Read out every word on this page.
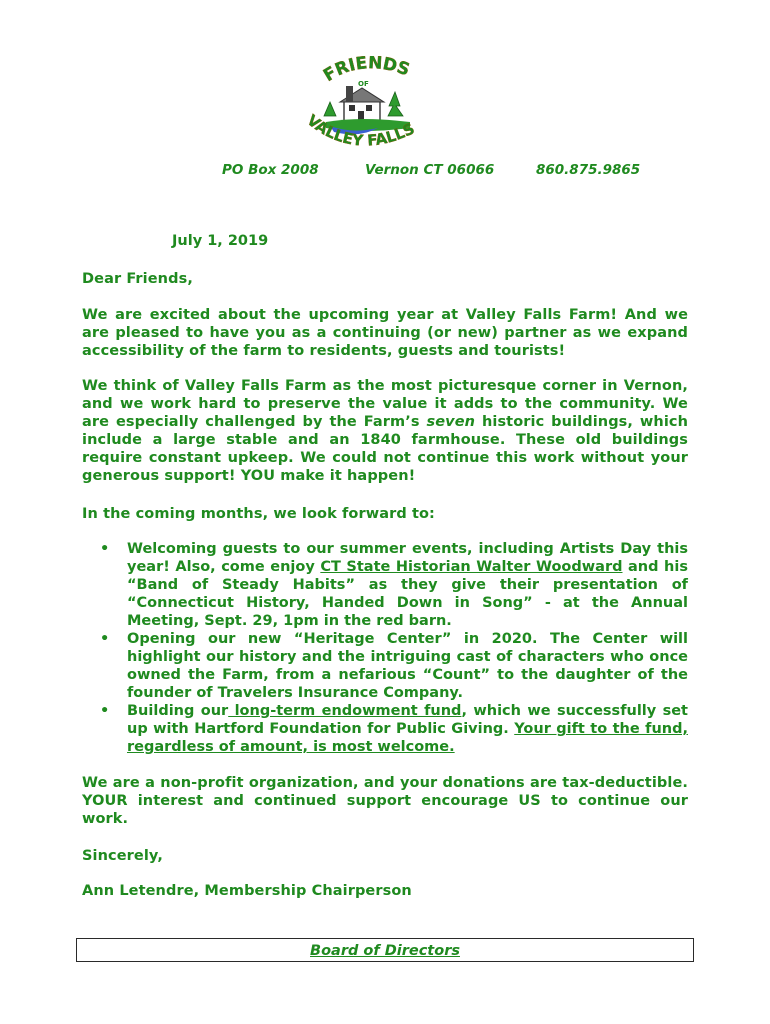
FRIENDS
OF
VALLEY FALLS
PO Box 2008	Vernon CT 06066	860.875.9865
July 1, 2019
Dear Friends,
We are excited about the upcoming year at Valley Falls Farm! And we are pleased to have you as a continuing (or new) partner as we expand accessibility of the farm to residents, guests and tourists!
We think of Valley Falls Farm as the most picturesque corner in Vernon, and we work hard to preserve the value it adds to the community. We are especially challenged by the Farm’s seven historic buildings, which include a large stable and an 1840 farmhouse. These old buildings require constant upkeep. We could not continue this work without your generous support! YOU make it happen!
In the coming months, we look forward to:
• Welcoming guests to our summer events, including Artists Day this year! Also, come enjoy CT State Historian Walter Woodward and his “Band of Steady Habits” as they give their presentation of “Connecticut History, Handed Down in Song” - at the Annual Meeting, Sept. 29, 1pm in the red barn.
• Opening our new “Heritage Center” in 2020. The Center will highlight our history and the intriguing cast of characters who once owned the Farm, from a nefarious “Count” to the daughter of the founder of Travelers Insurance Company.
• Building our long-term endowment fund, which we successfully set up with Hartford Foundation for Public Giving. Your gift to the fund, regardless of amount, is most welcome.
We are a non-profit organization, and your donations are tax-deductible. YOUR interest and continued support encourage US to continue our work.
Sincerely,
Ann Letendre, Membership Chairperson
Board of Directors
